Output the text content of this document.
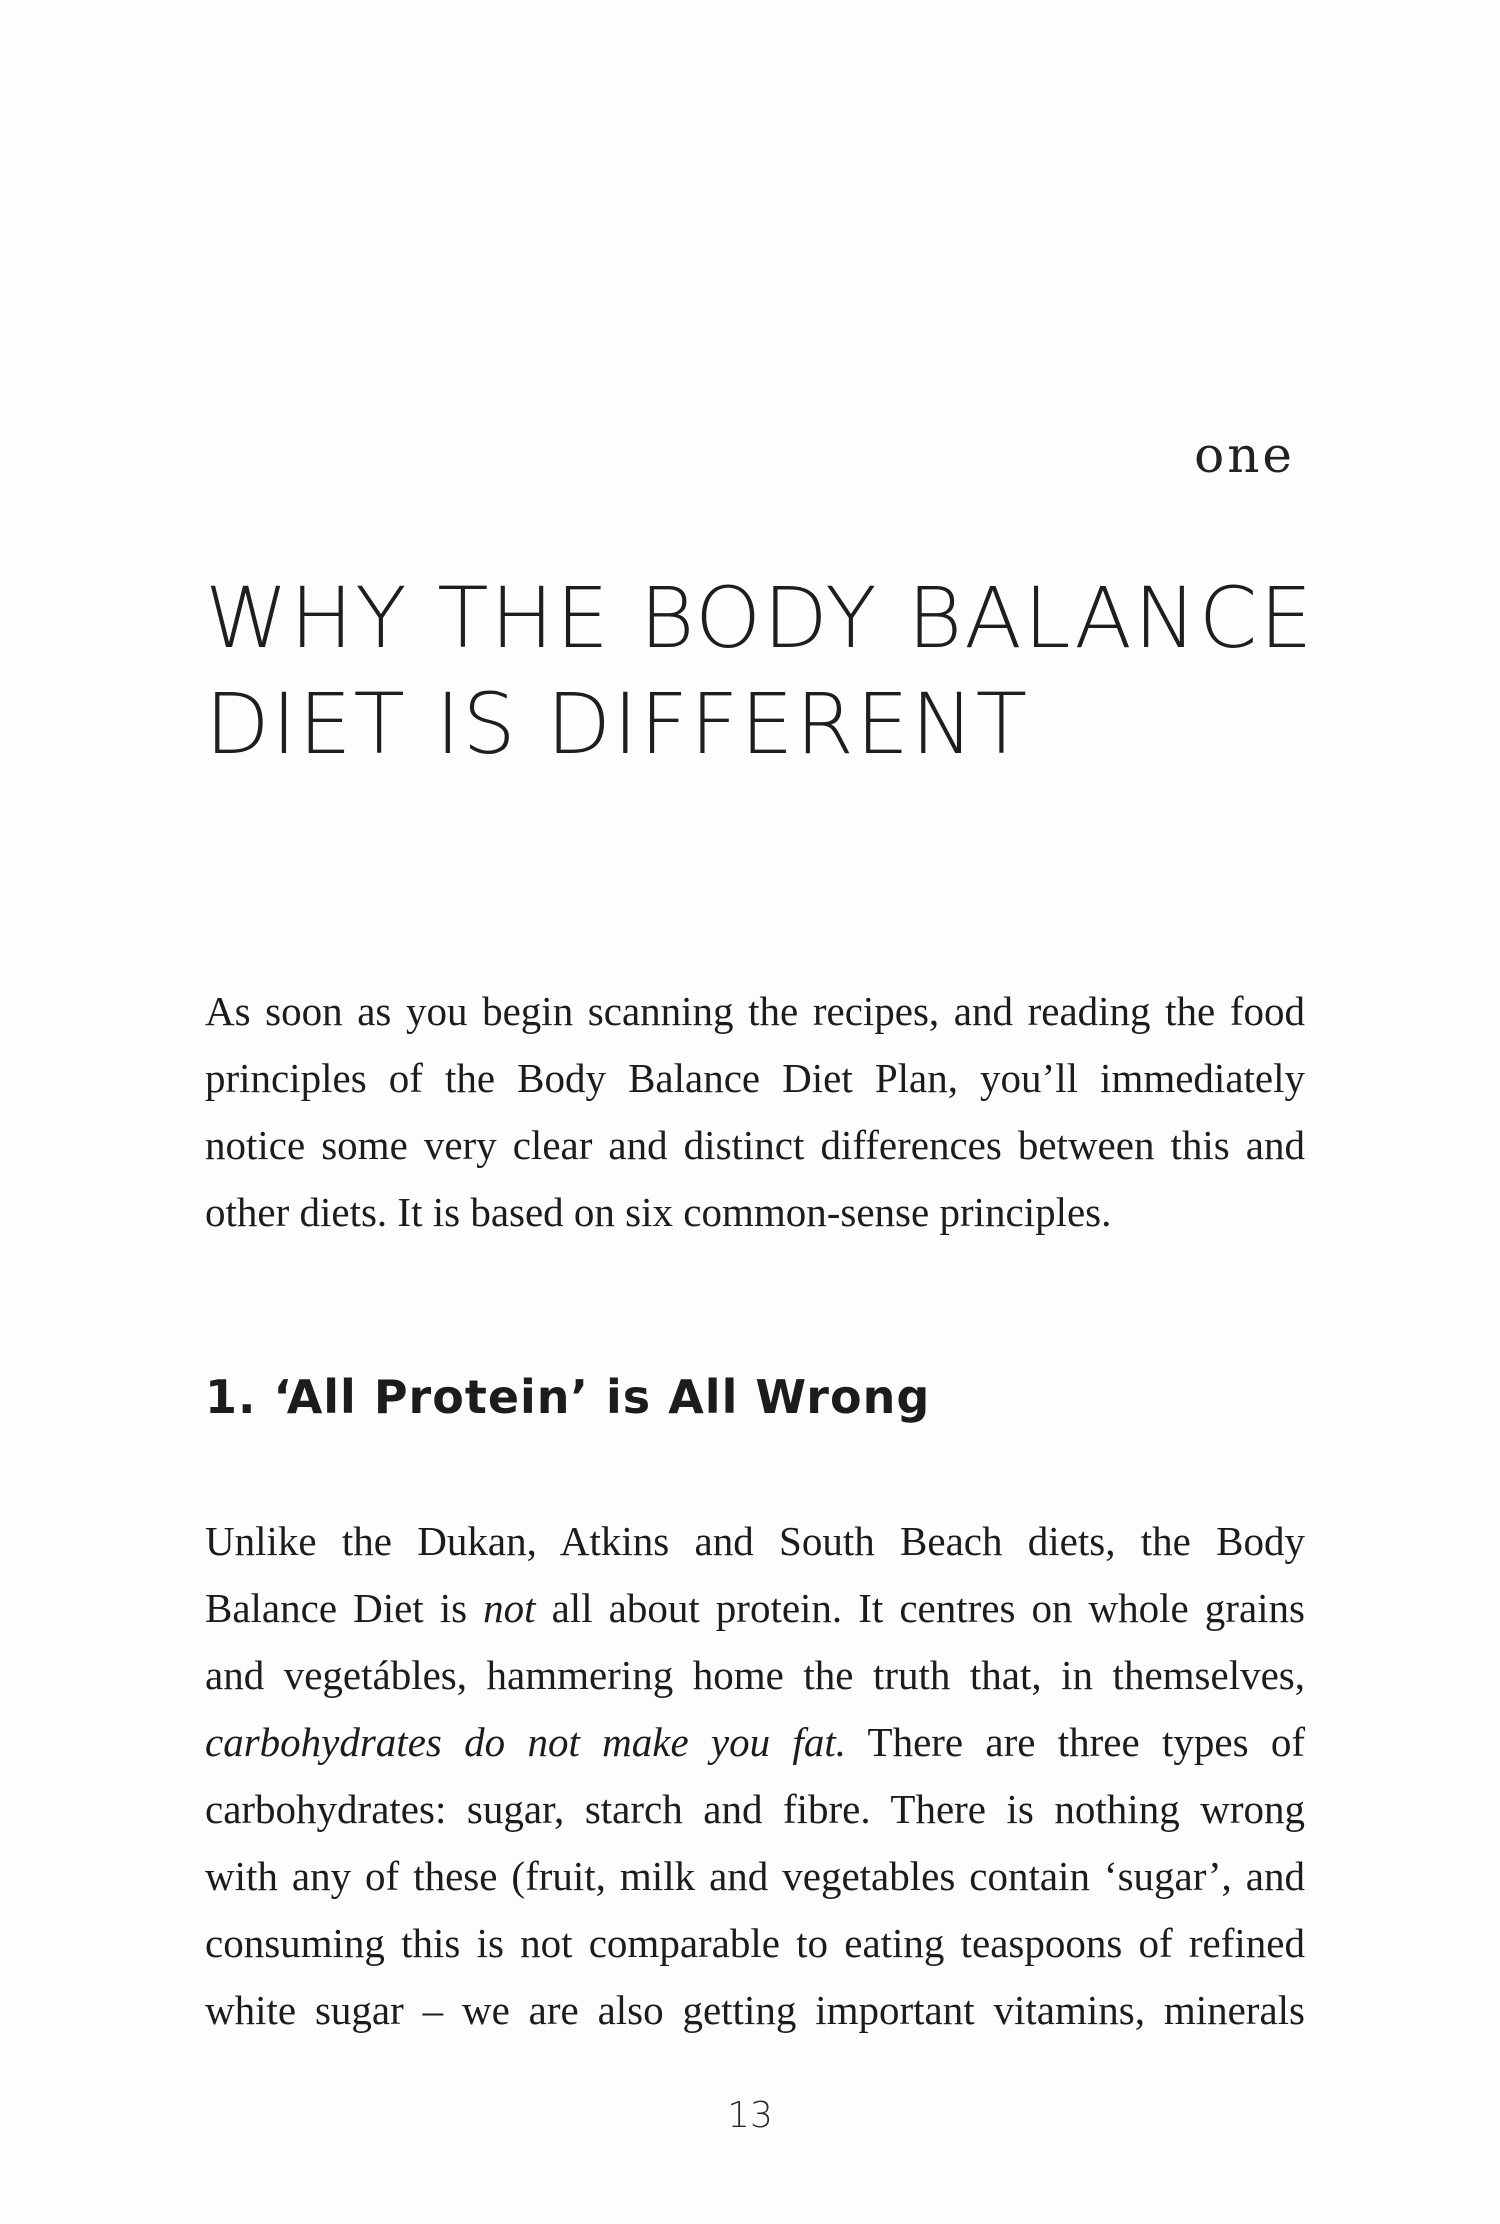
one
WHY THE BODY BALANCE
DIET IS DIFFERENT

As soon as you begin scanning the recipes, and reading the food
principles of the Body Balance Diet Plan, you’ll immediately
notice some very clear and distinct differences between this and
other diets. It is based on six common-sense principles.

1. ‘All Protein’ is All Wrong

Unlike the Dukan, Atkins and South Beach diets, the Body
Balance Diet is not all about protein. It centres on whole grains
and vegetábles, hammering home the truth that, in themselves,
carbohydrates do not make you fat. There are three types of
carbohydrates: sugar, starch and fibre. There is nothing wrong
with any of these (fruit, milk and vegetables contain ‘sugar’, and
consuming this is not comparable to eating teaspoons of refined
white sugar – we are also getting important vitamins, minerals

13
